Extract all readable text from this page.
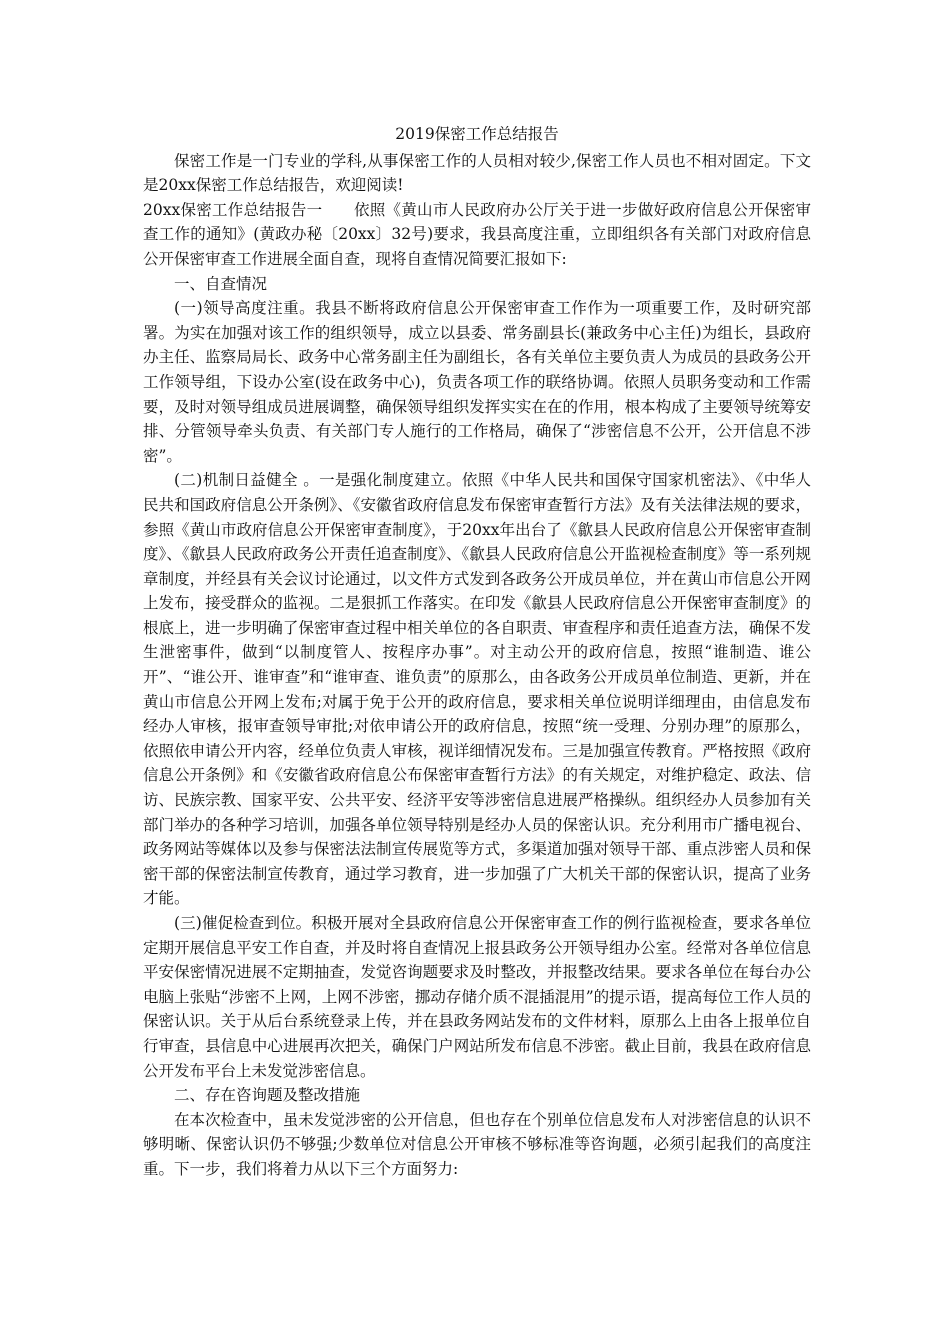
2019保密工作总结报告

保密工作是一门专业的学科,从事保密工作的人员相对较少,保密工作人员也不相对固定。下文是20xx保密工作总结报告，欢迎阅读!

20xx保密工作总结报告一　　依照《黄山市人民政府办公厅关于进一步做好政府信息公开保密审查工作的通知》(黄政办秘〔20xx〕32号)要求，我县高度注重，立即组织各有关部门对政府信息公开保密审查工作进展全面自查，现将自查情况简要汇报如下:

一、自查情况

(一)领导高度注重。我县不断将政府信息公开保密审查工作作为一项重要工作，及时研究部署。为实在加强对该工作的组织领导，成立以县委、常务副县长(兼政务中心主任)为组长，县政府办主任、监察局局长、政务中心常务副主任为副组长，各有关单位主要负责人为成员的县政务公开工作领导组，下设办公室(设在政务中心)，负责各项工作的联络协调。依照人员职务变动和工作需要，及时对领导组成员进展调整，确保领导组织发挥实实在在的作用，根本构成了主要领导统筹安排、分管领导牵头负责、有关部门专人施行的工作格局，确保了“涉密信息不公开，公开信息不涉密”。

(二)机制日益健全 。一是强化制度建立。依照《中华人民共和国保守国家机密法》、《中华人民共和国政府信息公开条例》、《安徽省政府信息发布保密审查暂行方法》及有关法律法规的要求，参照《黄山市政府信息公开保密审查制度》，于20xx年出台了《歙县人民政府信息公开保密审查制度》、《歙县人民政府政务公开责任追查制度》、《歙县人民政府信息公开监视检查制度》等一系列规章制度，并经县有关会议讨论通过，以文件方式发到各政务公开成员单位，并在黄山市信息公开网上发布，接受群众的监视。二是狠抓工作落实。在印发《歙县人民政府信息公开保密审查制度》的根底上，进一步明确了保密审查过程中相关单位的各自职责、审查程序和责任追查方法，确保不发生泄密事件，做到“以制度管人、按程序办事”。对主动公开的政府信息，按照“谁制造、谁公开”、“谁公开、谁审查”和“谁审查、谁负责”的原那么，由各政务公开成员单位制造、更新，并在黄山市信息公开网上发布;对属于免于公开的政府信息，要求相关单位说明详细理由，由信息发布经办人审核，报审查领导审批;对依申请公开的政府信息，按照“统一受理、分别办理”的原那么，依照依申请公开内容，经单位负责人审核，视详细情况发布。三是加强宣传教育。严格按照《政府信息公开条例》和《安徽省政府信息公布保密审查暂行方法》的有关规定，对维护稳定、政法、信访、民族宗教、国家平安、公共平安、经济平安等涉密信息进展严格操纵。组织经办人员参加有关部门举办的各种学习培训，加强各单位领导特别是经办人员的保密认识。充分利用市广播电视台、政务网站等媒体以及参与保密法法制宣传展览等方式，多渠道加强对领导干部、重点涉密人员和保密干部的保密法制宣传教育，通过学习教育，进一步加强了广大机关干部的保密认识，提高了业务才能。

(三)催促检查到位。积极开展对全县政府信息公开保密审查工作的例行监视检查，要求各单位定期开展信息平安工作自查，并及时将自查情况上报县政务公开领导组办公室。经常对各单位信息平安保密情况进展不定期抽查，发觉咨询题要求及时整改，并报整改结果。要求各单位在每台办公电脑上张贴“涉密不上网，上网不涉密，挪动存储介质不混插混用”的提示语，提高每位工作人员的保密认识。关于从后台系统登录上传，并在县政务网站发布的文件材料，原那么上由各上报单位自行审查，县信息中心进展再次把关，确保门户网站所发布信息不涉密。截止目前，我县在政府信息公开发布平台上未发觉涉密信息。

二、存在咨询题及整改措施

在本次检查中，虽未发觉涉密的公开信息，但也存在个别单位信息发布人对涉密信息的认识不够明晰、保密认识仍不够强;少数单位对信息公开审核不够标准等咨询题，必须引起我们的高度注重。下一步，我们将着力从以下三个方面努力:
